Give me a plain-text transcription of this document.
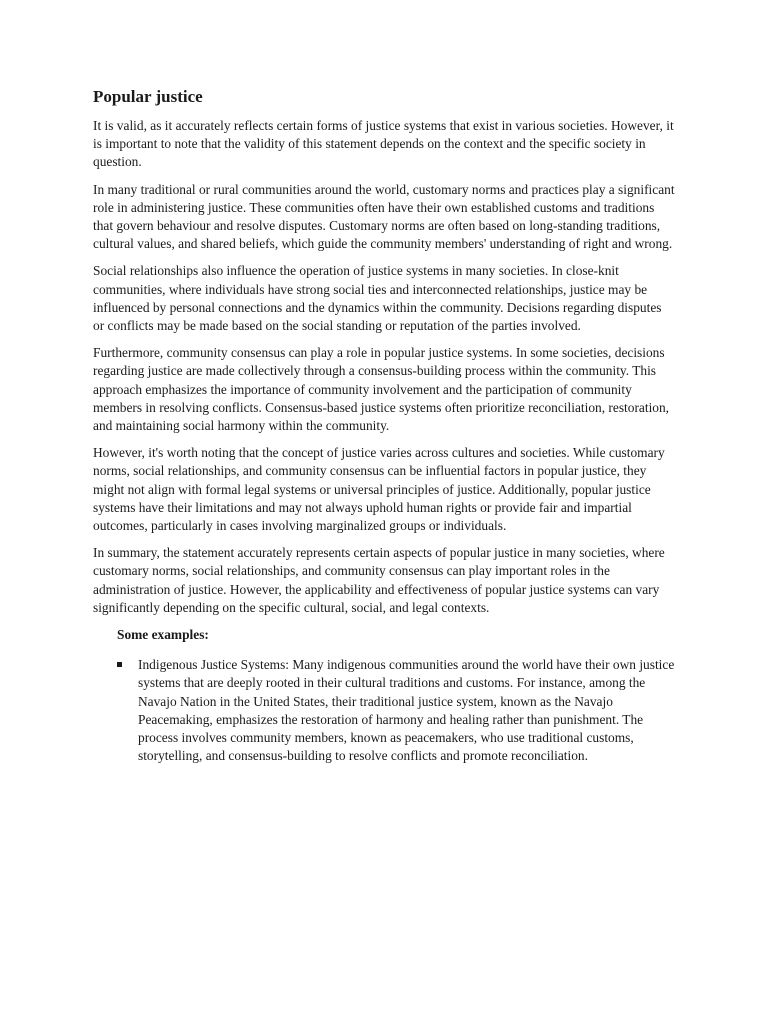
Popular justice

It is valid, as it accurately reflects certain forms of justice systems that exist in various societies. However, it is important to note that the validity of this statement depends on the context and the specific society in question.

In many traditional or rural communities around the world, customary norms and practices play a significant role in administering justice. These communities often have their own established customs and traditions that govern behaviour and resolve disputes. Customary norms are often based on long-standing traditions, cultural values, and shared beliefs, which guide the community members' understanding of right and wrong.

Social relationships also influence the operation of justice systems in many societies. In close-knit communities, where individuals have strong social ties and interconnected relationships, justice may be influenced by personal connections and the dynamics within the community. Decisions regarding disputes or conflicts may be made based on the social standing or reputation of the parties involved.

Furthermore, community consensus can play a role in popular justice systems. In some societies, decisions regarding justice are made collectively through a consensus-building process within the community. This approach emphasizes the importance of community involvement and the participation of community members in resolving conflicts. Consensus-based justice systems often prioritize reconciliation, restoration, and maintaining social harmony within the community.

However, it's worth noting that the concept of justice varies across cultures and societies. While customary norms, social relationships, and community consensus can be influential factors in popular justice, they might not align with formal legal systems or universal principles of justice. Additionally, popular justice systems have their limitations and may not always uphold human rights or provide fair and impartial outcomes, particularly in cases involving marginalized groups or individuals.

In summary, the statement accurately represents certain aspects of popular justice in many societies, where customary norms, social relationships, and community consensus can play important roles in the administration of justice. However, the applicability and effectiveness of popular justice systems can vary significantly depending on the specific cultural, social, and legal contexts.

Some examples:
Indigenous Justice Systems: Many indigenous communities around the world have their own justice systems that are deeply rooted in their cultural traditions and customs. For instance, among the Navajo Nation in the United States, their traditional justice system, known as the Navajo Peacemaking, emphasizes the restoration of harmony and healing rather than punishment. The process involves community members, known as peacemakers, who use traditional customs, storytelling, and consensus-building to resolve conflicts and promote reconciliation.
